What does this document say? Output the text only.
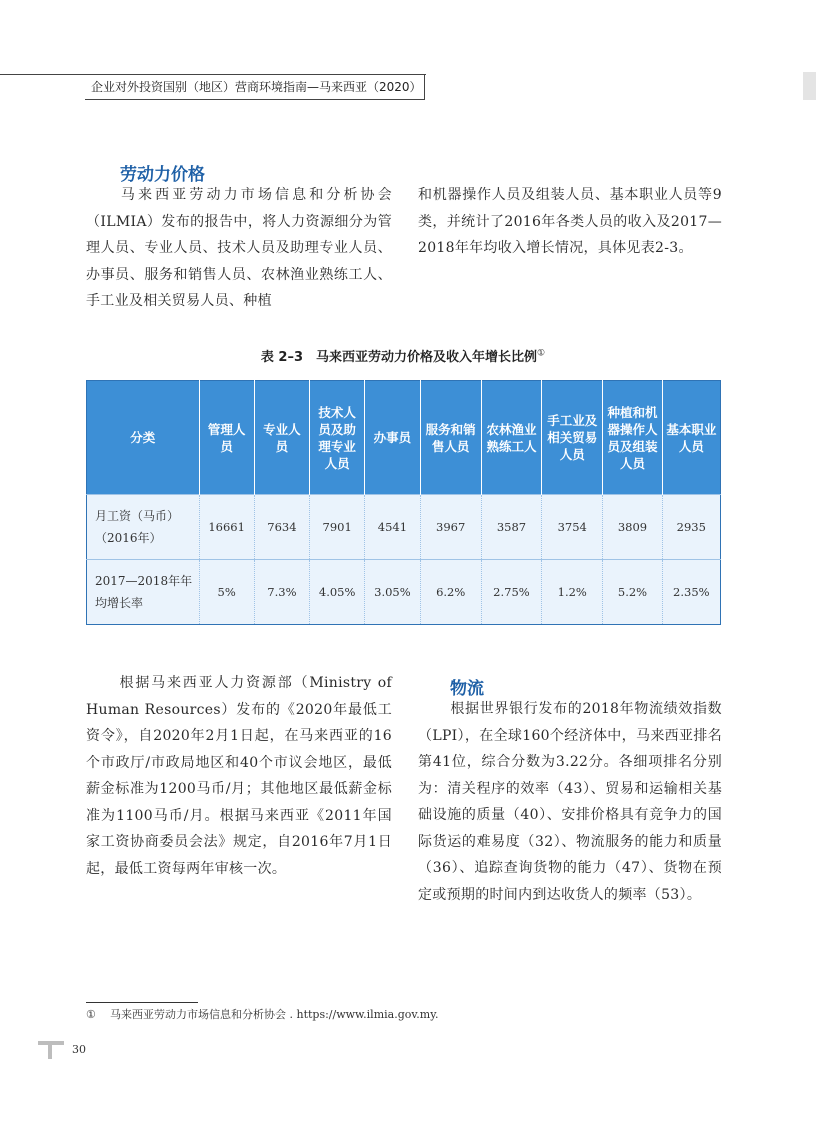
企业对外投资国别（地区）营商环境指南—马来西亚（2020）
劳动力价格

马来西亚劳动力市场信息和分析协会（ILMIA）发布的报告中，将人力资源细分为管理人员、专业人员、技术人员及助理专业人员、办事员、服务和销售人员、农林渔业熟练工人、手工业及相关贸易人员、种植

和机器操作人员及组装人员、基本职业人员等9类，并统计了2016年各类人员的收入及2017—2018年年均收入增长情况，具体见表2-3。

表 2–3　马来西亚劳动力价格及收入年增长比例①
分类	管理人员	专业人员	技术人员及助理专业人员	办事员	服务和销售人员	农林渔业熟练工人	手工业及相关贸易人员	种植和机器操作人员及组装人员	基本职业人员
月工资（马币）（2016年）	16661	7634	7901	4541	3967	3587	3754	3809	2935
2017—2018年年均增长率	5%	7.3%	4.05%	3.05%	6.2%	2.75%	1.2%	5.2%	2.35%

根据马来西亚人力资源部（Ministry of Human Resources）发布的《2020年最低工资令》，自2020年2月1日起，在马来西亚的16个市政厅/市政局地区和40个市议会地区，最低薪金标准为1200马币/月；其他地区最低薪金标准为1100马币/月。根据马来西亚《2011年国家工资协商委员会法》规定，自2016年7月1日起，最低工资每两年审核一次。

物流

根据世界银行发布的2018年物流绩效指数（LPI），在全球160个经济体中，马来西亚排名第41位，综合分数为3.22分。各细项排名分别为：清关程序的效率（43）、贸易和运输相关基础设施的质量（40）、安排价格具有竞争力的国际货运的难易度（32）、物流服务的能力和质量（36）、追踪查询货物的能力（47）、货物在预定或预期的时间内到达收货人的频率（53）。

① 马来西亚劳动力市场信息和分析协会 . https://www.ilmia.gov.my.
30
